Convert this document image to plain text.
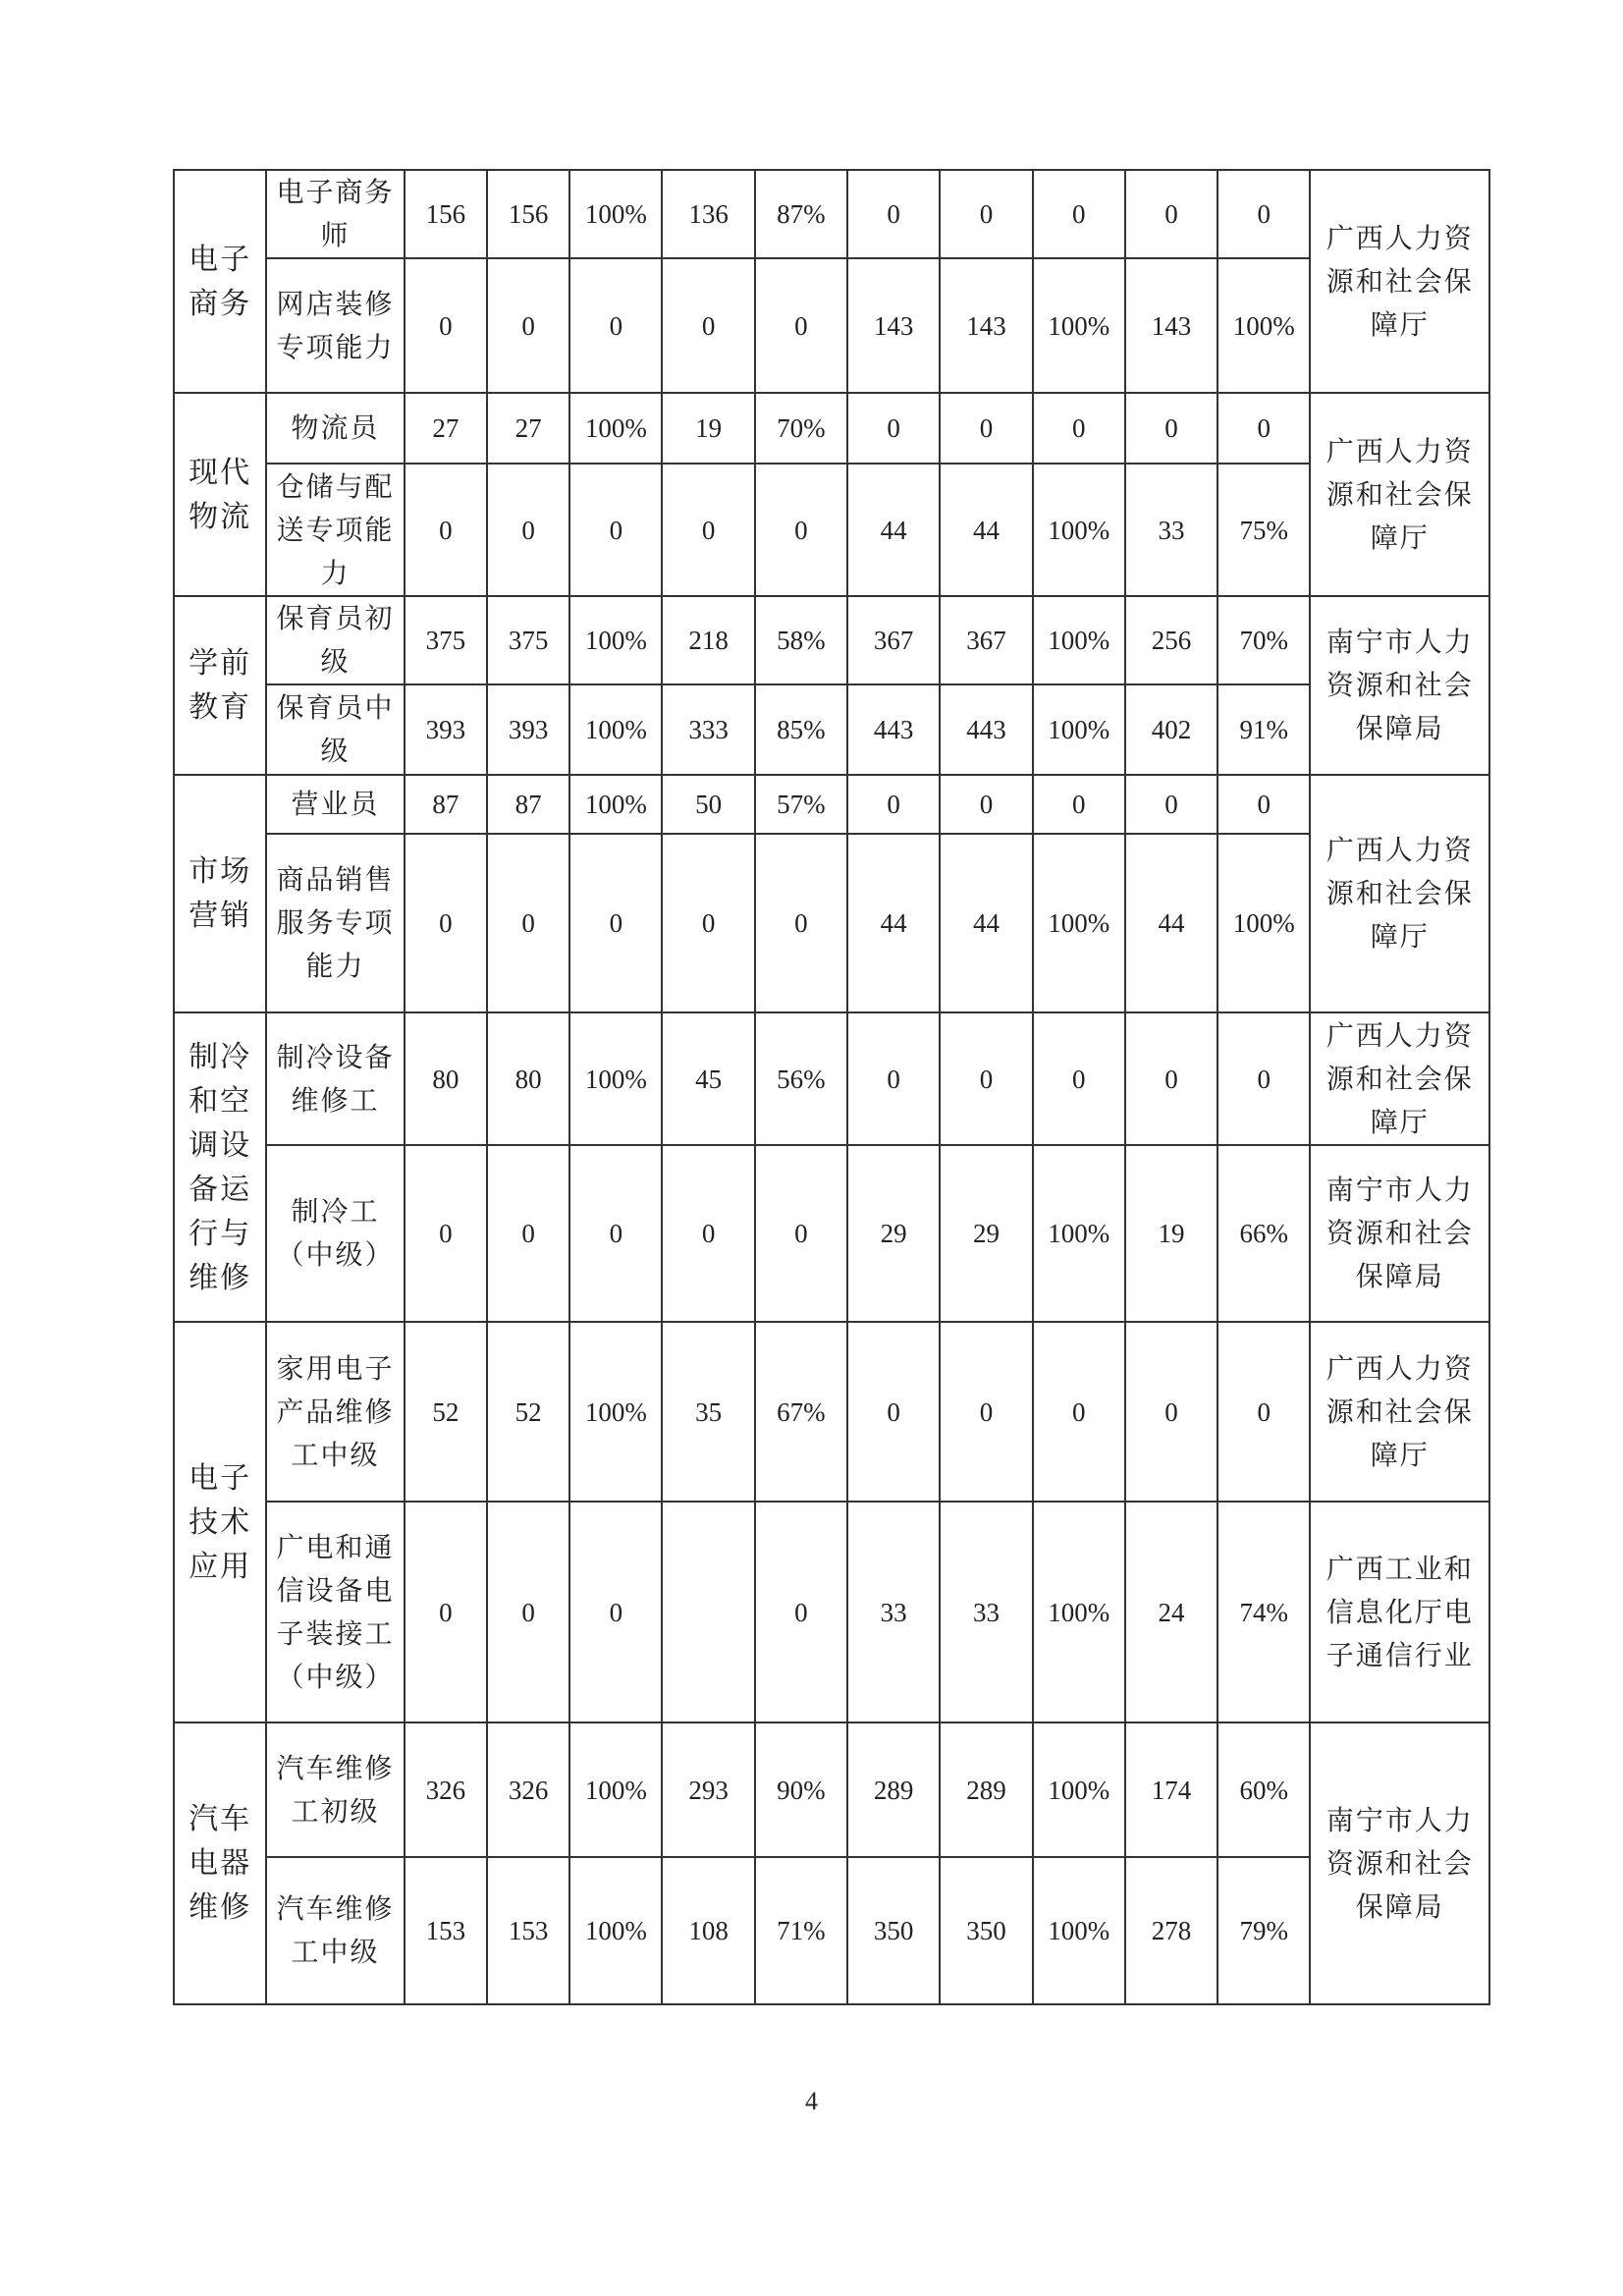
电子商务	电子商务师	156	156	100%	136	87%	0	0	0	0	0	广西人力资源和社会保障厅
	网店装修专项能力	0	0	0	0	0	143	143	100%	143	100%	
现代物流	物流员	27	27	100%	19	70%	0	0	0	0	0	广西人力资源和社会保障厅
	仓储与配送专项能力	0	0	0	0	0	44	44	100%	33	75%	
学前教育	保育员初级	375	375	100%	218	58%	367	367	100%	256	70%	南宁市人力资源和社会保障局
	保育员中级	393	393	100%	333	85%	443	443	100%	402	91%	
市场营销	营业员	87	87	100%	50	57%	0	0	0	0	0	广西人力资源和社会保障厅
	商品销售服务专项能力	0	0	0	0	0	44	44	100%	44	100%	
制冷和空调设备运行与维修	制冷设备维修工	80	80	100%	45	56%	0	0	0	0	0	广西人力资源和社会保障厅
	制冷工（中级）	0	0	0	0	0	29	29	100%	19	66%	南宁市人力资源和社会保障局
电子技术应用	家用电子产品维修工中级	52	52	100%	35	67%	0	0	0	0	0	广西人力资源和社会保障厅
	广电和通信设备电子装接工（中级）	0	0	0		0	33	33	100%	24	74%	广西工业和信息化厅电子通信行业
汽车电器维修	汽车维修工初级	326	326	100%	293	90%	289	289	100%	174	60%	南宁市人力资源和社会保障局
	汽车维修工中级	153	153	100%	108	71%	350	350	100%	278	79%	
4
